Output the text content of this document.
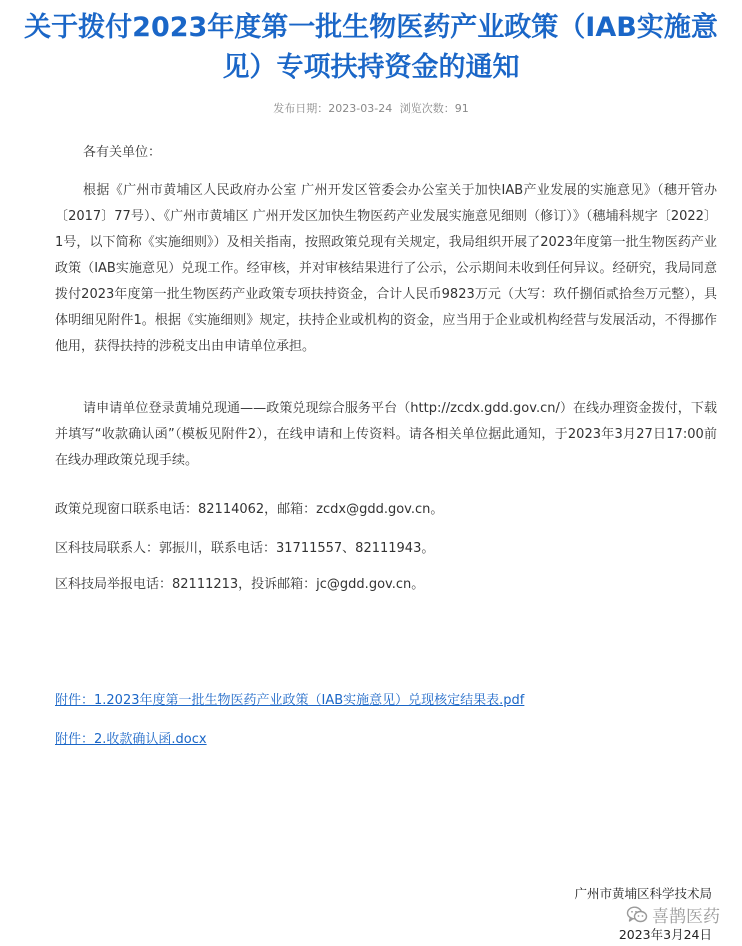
关于拨付2023年度第一批生物医药产业政策（IAB实施意见）专项扶持资金的通知
发布日期：2023-03-24 浏览次数：91

各有关单位：

根据《广州市黄埔区人民政府办公室 广州开发区管委会办公室关于加快IAB产业发展的实施意见》（穗开管办〔2017〕77号）、《广州市黄埔区 广州开发区加快生物医药产业发展实施意见细则（修订）》（穗埔科规字〔2022〕1号，以下简称《实施细则》）及相关指南，按照政策兑现有关规定，我局组织开展了2023年度第一批生物医药产业政策（IAB实施意见）兑现工作。经审核，并对审核结果进行了公示，公示期间未收到任何异议。经研究，我局同意拨付2023年度第一批生物医药产业政策专项扶持资金，合计人民币9823万元（大写：玖仟捌佰贰拾叁万元整），具体明细见附件1。根据《实施细则》规定，扶持企业或机构的资金，应当用于企业或机构经营与发展活动，不得挪作他用，获得扶持的涉税支出由申请单位承担。

请申请单位登录黄埔兑现通——政策兑现综合服务平台（http://zcdx.gdd.gov.cn/）在线办理资金拨付，下载并填写“收款确认函”（模板见附件2），在线申请和上传资料。请各相关单位据此通知，于2023年3月27日17:00前在线办理政策兑现手续。

政策兑现窗口联系电话：82114062，邮箱：zcdx@gdd.gov.cn。

区科技局联系人：郭振川，联系电话：31711557、82111943。

区科技局举报电话：82111213，投诉邮箱：jc@gdd.gov.cn。

附件：1.2023年度第一批生物医药产业政策（IAB实施意见）兑现核定结果表.pdf
附件：2.收款确认函.docx
广州市黄埔区科学技术局
喜鹊医药
2023年3月24日
